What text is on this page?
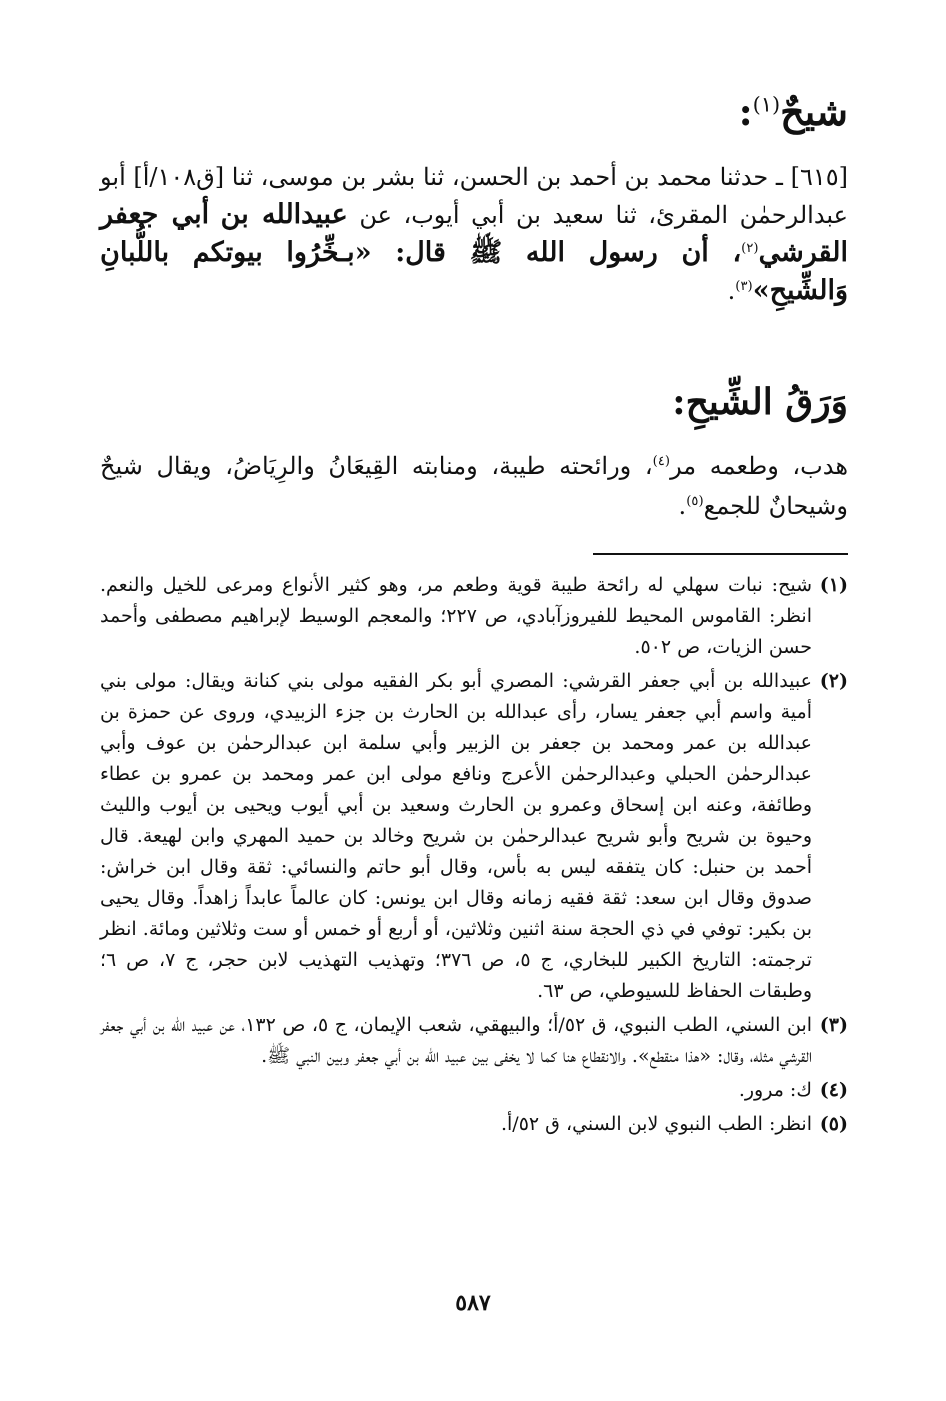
شيحٌ$^{(١)}$:
[٦١٥] ـ حدثنا محمد بن أحمد بن الحسن، ثنا بشر بن موسى، ثنا [ق١٠٨/أ] أبو عبدالرحمٰن المقرئ، ثنا سعيد بن أبي أيوب، عن عبيدالله بن أبي جعفر القرشي$^{(٢)}$، أن رسول الله ﷺ قال: «بـخِّرُوا بيوتكم باللُّبانِ وَالشِّيحِ»$^{(٣)}$.
وَرَقُ الشِّيحِ:
هدب، وطعمه مر$^{(٤)}$، ورائحته طيبة، ومنابته القِيعَانُ والرِيَاضُ، ويقال شيحٌ وشيحانٌ للجمع$^{(٥)}$.
(١)
شيح: نبات سهلي له رائحة طيبة قوية وطعم مر، وهو كثير الأنواع ومرعى للخيل والنعم. انظر: القاموس المحيط للفيروزآبادي، ص ٢٢٧؛ والمعجم الوسيط لإبراهيم مصطفى وأحمد حسن الزيات، ص ٥٠٢.
(٢)
عبيدالله بن أبي جعفر القرشي: المصري أبو بكر الفقيه مولى بني كنانة ويقال: مولى بني أمية واسم أبي جعفر يسار، رأى عبدالله بن الحارث بن جزء الزبيدي، وروى عن حمزة بن عبدالله بن عمر ومحمد بن جعفر بن الزبير وأبي سلمة ابن عبدالرحمٰن بن عوف وأبي عبدالرحمٰن الحبلي وعبدالرحمٰن الأعرج ونافع مولى ابن عمر ومحمد بن عمرو بن عطاء وطائفة، وعنه ابن إسحاق وعمرو بن الحارث وسعيد بن أبي أيوب ويحيى بن أيوب والليث وحيوة بن شريح وأبو شريح عبدالرحمٰن بن شريح وخالد بن حميد المهري وابن لهيعة. قال أحمد بن حنبل: كان يتفقه ليس به بأس، وقال أبو حاتم والنسائي: ثقة وقال ابن خراش: صدوق وقال ابن سعد: ثقة فقيه زمانه وقال ابن يونس: كان عالماً عابداً زاهداً. وقال يحيى بن بكير: توفي في ذي الحجة سنة اثنين وثلاثين، أو أربع أو خمس أو ست وثلاثين ومائة. انظر ترجمته: التاريخ الكبير للبخاري، ج ٥، ص ٣٧٦؛ وتهذيب التهذيب لابن حجر، ج ٧، ص ٦؛ وطبقات الحفاظ للسيوطي، ص ٦٣.
(٣)
ابن السني، الطب النبوي، ق ٥٢/أ؛ والبيهقي، شعب الإيمان، ج ٥، ص ١٣٢، عن عبيد الله بن أبي جعفر القرشي مثله، وقال: «هذا منقطع». والانقطاع هنا كما لا يخفى بين عبيد الله بن أبي جعفر وبين النبي ﷺ.
(٤)
ك: مرور.
(٥)
انظر: الطب النبوي لابن السني، ق ٥٢/أ.
٥٨٧
